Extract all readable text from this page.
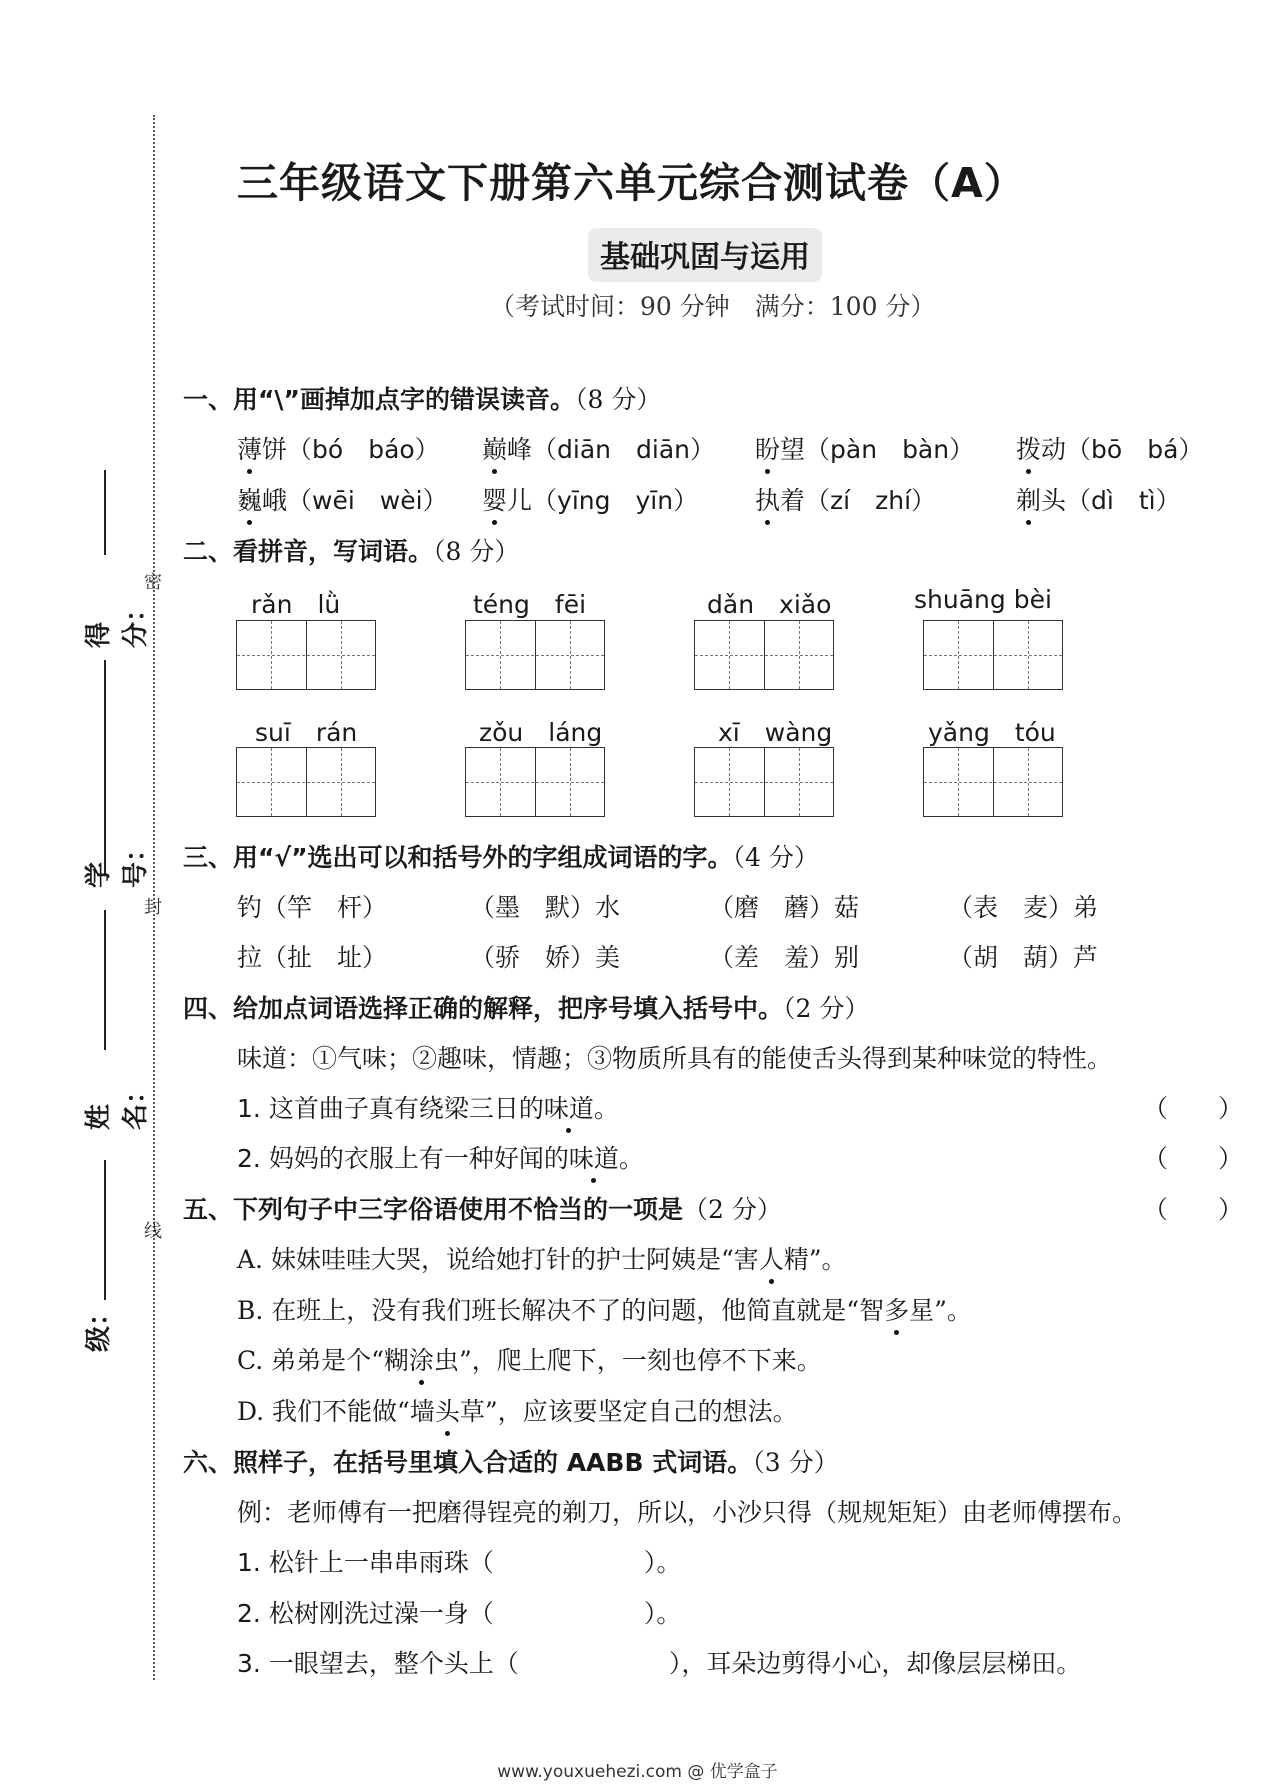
密
封
线
得分：
学号：
姓名：
级：
三年级语文下册第六单元综合测试卷（A）
基础巩固与运用
（考试时间：90 分钟　满分：100 分）
一、用“\”画掉加点字的错误读音。（8 分）
薄饼（bó　báo） 巅峰（diān　diān） 盼望（pàn　bàn） 拨动（bō　bá）
巍峨（wēi　wèi） 婴儿（yīng　yīn） 执着（zí　zhí）	剃头（dì　tì）
二、看拼音，写词语。（8 分）
rǎn　lǜ	téng　fēi	dǎn　xiǎo	shuāng bèi
suī　rán	zǒu　láng	xī　wàng	yǎng　tóu
三、用“√”选出可以和括号外的字组成词语的字。（4 分）
钓（竿　杆）	（墨　默）水	（磨　蘑）菇	（表　麦）弟
拉（扯　址）	（骄　娇）美	（差　羞）别	（胡　葫）芦
四、给加点词语选择正确的解释，把序号填入括号中。（2 分）
味道：①气味；②趣味，情趣；③物质所具有的能使舌头得到某种味觉的特性。
1. 这首曲子真有绕梁三日的味道。	（　　）
2. 妈妈的衣服上有一种好闻的味道。	（　　）
五、下列句子中三字俗语使用不恰当的一项是（2 分）	（　　）
A. 妹妹哇哇大哭，说给她打针的护士阿姨是“害人精”。
B. 在班上，没有我们班长解决不了的问题，他简直就是“智多星”。
C. 弟弟是个“糊涂虫”，爬上爬下，一刻也停不下来。
D. 我们不能做“墙头草”，应该要坚定自己的想法。
六、照样子，在括号里填入合适的 AABB 式词语。（3 分）
例：老师傅有一把磨得锃亮的剃刀，所以，小沙只得（规规矩矩）由老师傅摆布。
1. 松针上一串串雨珠（　　　　　　）。
2. 松树刚洗过澡一身（　　　　　　）。
3. 一眼望去，整个头上（　　　　　　），耳朵边剪得小心，却像层层梯田。
www.youxuehezi.com @ 优学盒子
